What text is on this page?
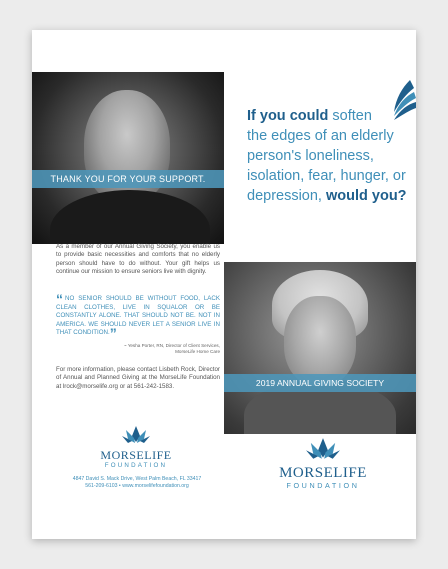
THANK YOU FOR YOUR SUPPORT.
If you could soften
the edges of an elderly
person's loneliness,
isolation, fear, hunger, or
depression, would you?
As a member of our Annual Giving Society, you enable us to provide basic necessities and comforts that no elderly person should have to do without. Your gift helps us continue our mission to ensure seniors live with dignity.
“ NO SENIOR SHOULD BE WITHOUT FOOD, LACK CLEAN CLOTHES, LIVE IN SQUALOR OR BE CONSTANTLY ALONE. THAT SHOULD NOT BE. NOT IN AMERICA. WE SHOULD NEVER LET A SENIOR LIVE IN THAT CONDITION.”
~ Yesha Porter, RN, Director of Client Services,
MorseLife Home Care
For more information, please contact Lisbeth Rock, Director of Annual and Planned Giving at the MorseLife Foundation at lrock@morselife.org or at 561-242-1583.	2019 ANNUAL GIVING SOCIETY
MORSELIFE
FOUNDATION
4847 David S. Mack Drive, West Palm Beach, FL 33417
561-209-6103 • www.morselifefoundation.org
MORSELIFE
FOUNDATION
